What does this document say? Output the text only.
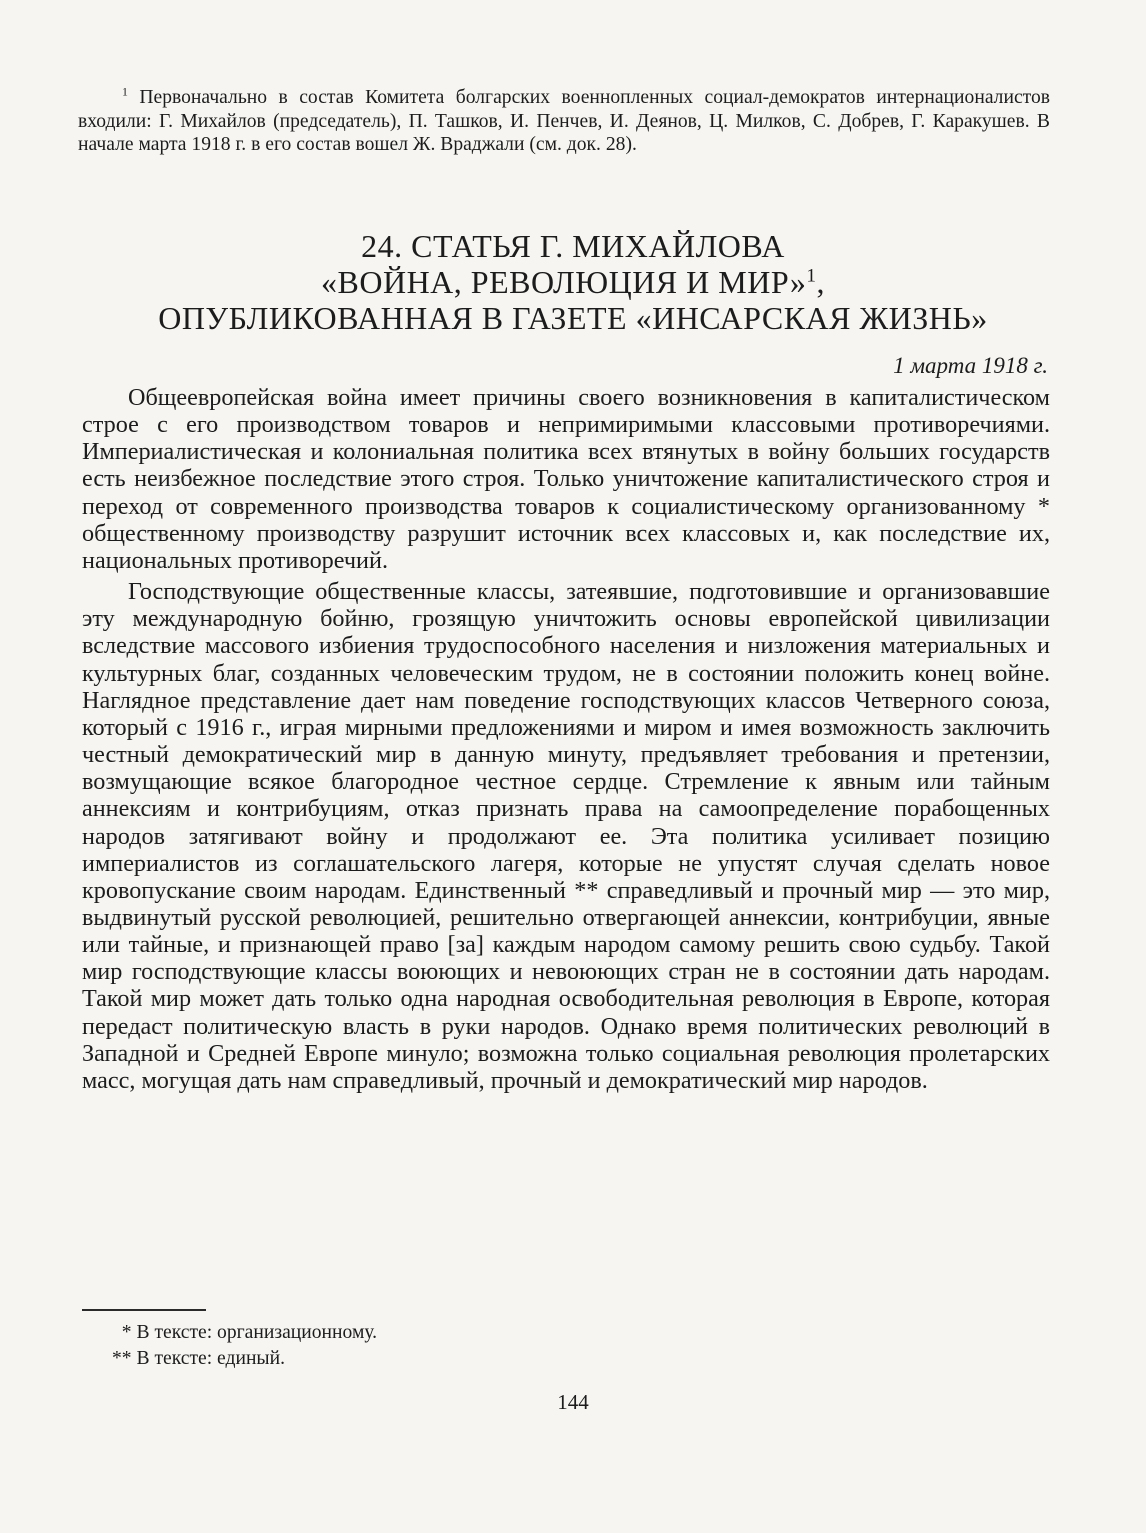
$^1$ Первоначально в состав Комитета болгарских военнопленных социал-демократов интернационалистов входили: Г. Михайлов (председатель), П. Ташков, И. Пенчев, И. Деянов, Ц. Милков, С. Добрев, Г. Каракушев. В начале марта 1918 г. в его состав вошел Ж. Враджали (см. док. 28).

24. СТАТЬЯ Г. МИХАЙЛОВА
«ВОЙНА, РЕВОЛЮЦИЯ И МИР»$^1$,
ОПУБЛИКОВАННАЯ В ГАЗЕТЕ «ИНСАРСКАЯ ЖИЗНЬ»

1 марта 1918 г.

Общеевропейская война имеет причины своего возникновения в капиталистическом строе с его производством товаров и непримиримыми классовыми противоречиями. Империалистическая и колониальная политика всех втянутых в войну больших государств есть неизбежное последствие этого строя. Только уничтожение капиталистического строя и переход от современного производства товаров к социалистическому организованному * общественному производству разрушит источник всех классовых и, как последствие их, национальных противоречий.

Господствующие общественные классы, затеявшие, подготовившие и организовавшие эту международную бойню, грозящую уничтожить основы европейской цивилизации вследствие массового избиения трудоспособного населения и низложения материальных и культурных благ, созданных человеческим трудом, не в состоянии положить конец войне. Наглядное представление дает нам поведение господствующих классов Четверного союза, который с 1916 г., играя мирными предложениями и миром и имея возможность заключить честный демократический мир в данную минуту, предъявляет требования и претензии, возмущающие всякое благородное честное сердце. Стремление к явным или тайным аннексиям и контрибуциям, отказ признать права на самоопределение порабощенных народов затягивают войну и продолжают ее. Эта политика усиливает позицию империалистов из соглашательского лагеря, которые не упустят случая сделать новое кровопускание своим народам. Единственный ** справедливый и прочный мир — это мир, выдвинутый русской революцией, решительно отвергающей аннексии, контрибуции, явные или тайные, и признающей право [за] каждым народом самому решить свою судьбу. Такой мир господствующие классы воюющих и невоюющих стран не в состоянии дать народам. Такой мир может дать только одна народная освободительная революция в Европе, которая передаст политическую власть в руки народов. Однако время политических революций в Западной и Средней Европе минуло; возможна только социальная революция пролетарских масс, могущая дать нам справедливый, прочный и демократический мир народов.

* В тексте: организационному.
** В тексте: единый.

144
